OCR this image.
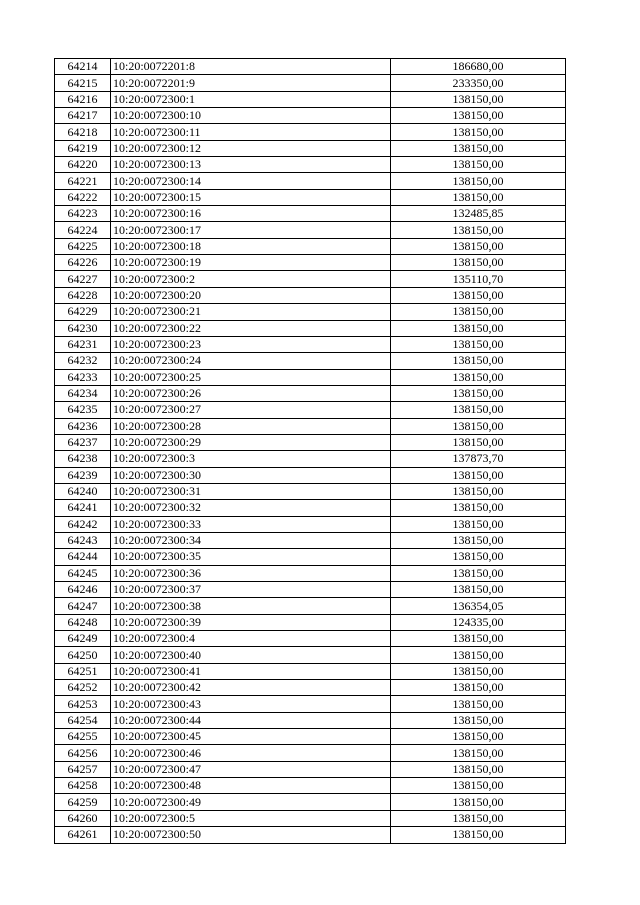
64214	10:20:0072201:8	186680,00
64215	10:20:0072201:9	233350,00
64216	10:20:0072300:1	138150,00
64217	10:20:0072300:10	138150,00
64218	10:20:0072300:11	138150,00
64219	10:20:0072300:12	138150,00
64220	10:20:0072300:13	138150,00
64221	10:20:0072300:14	138150,00
64222	10:20:0072300:15	138150,00
64223	10:20:0072300:16	132485,85
64224	10:20:0072300:17	138150,00
64225	10:20:0072300:18	138150,00
64226	10:20:0072300:19	138150,00
64227	10:20:0072300:2	135110,70
64228	10:20:0072300:20	138150,00
64229	10:20:0072300:21	138150,00
64230	10:20:0072300:22	138150,00
64231	10:20:0072300:23	138150,00
64232	10:20:0072300:24	138150,00
64233	10:20:0072300:25	138150,00
64234	10:20:0072300:26	138150,00
64235	10:20:0072300:27	138150,00
64236	10:20:0072300:28	138150,00
64237	10:20:0072300:29	138150,00
64238	10:20:0072300:3	137873,70
64239	10:20:0072300:30	138150,00
64240	10:20:0072300:31	138150,00
64241	10:20:0072300:32	138150,00
64242	10:20:0072300:33	138150,00
64243	10:20:0072300:34	138150,00
64244	10:20:0072300:35	138150,00
64245	10:20:0072300:36	138150,00
64246	10:20:0072300:37	138150,00
64247	10:20:0072300:38	136354,05
64248	10:20:0072300:39	124335,00
64249	10:20:0072300:4	138150,00
64250	10:20:0072300:40	138150,00
64251	10:20:0072300:41	138150,00
64252	10:20:0072300:42	138150,00
64253	10:20:0072300:43	138150,00
64254	10:20:0072300:44	138150,00
64255	10:20:0072300:45	138150,00
64256	10:20:0072300:46	138150,00
64257	10:20:0072300:47	138150,00
64258	10:20:0072300:48	138150,00
64259	10:20:0072300:49	138150,00
64260	10:20:0072300:5	138150,00
64261	10:20:0072300:50	138150,00
